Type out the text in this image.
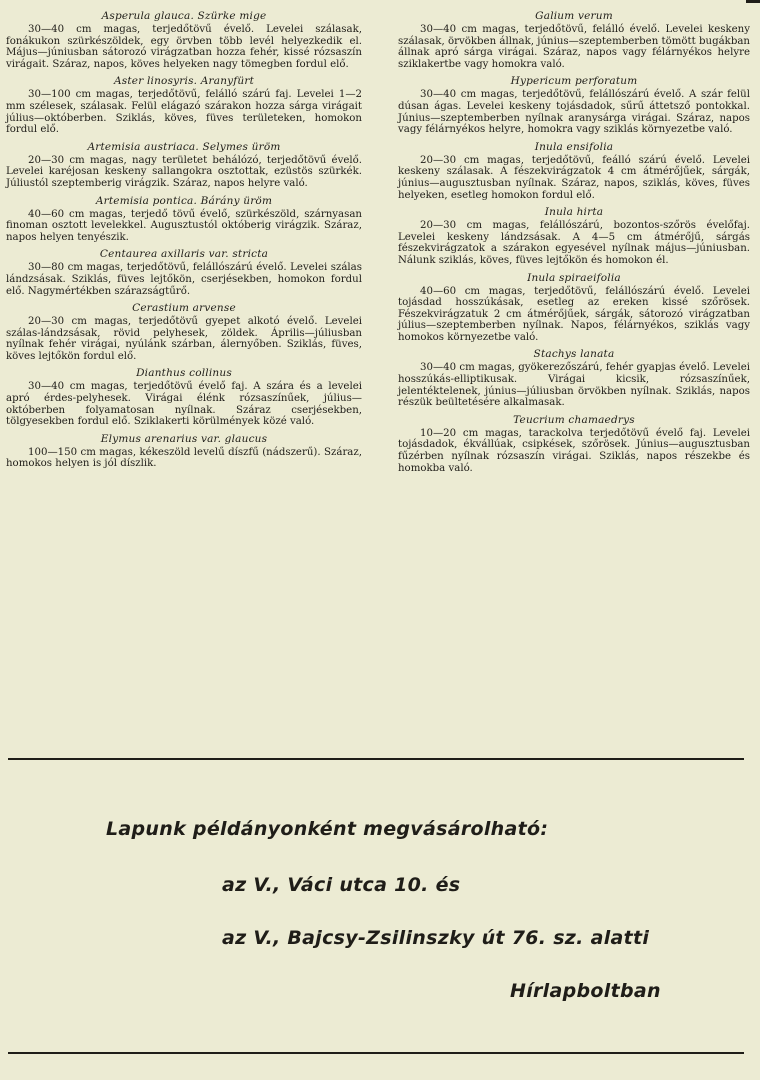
Asperula glauca. Szürke mige

30—40 cm magas, terjedőtövű évelő. Levelei szálasak, fonákukon szürkészöldek, egy örvben több levél helyezkedik el. Május—júniusban sátorozó virágzatban hozza fehér, kissé rózsaszín virágait. Száraz, napos, köves helyeken nagy tömegben fordul elő.

Aster linosyris. Aranyfürt

30—100 cm magas, terjedőtövű, felálló szárú faj. Levelei 1—2 mm szélesek, szálasak. Felül elágazó szárakon hozza sárga virágait július—októberben. Sziklás, köves, füves területeken, homokon fordul elő.

Artemisia austriaca. Selymes üröm

20—30 cm magas, nagy területet behálózó, terjedőtövű évelő. Levelei karéjosan keskeny sallangokra osztottak, ezüstös szürkék. Júliustól szeptemberig virágzik. Száraz, napos helyre való.

Artemisia pontica. Bárány üröm

40—60 cm magas, terjedő tövű évelő, szürkészöld, szárnyasan finoman osztott levelekkel. Augusztustól októberig virágzik. Száraz, napos helyen tenyészik.

Centaurea axillaris var. stricta

30—80 cm magas, terjedőtövű, felállószárú évelő. Levelei szálas lándzsásak. Sziklás, füves lejtőkön, cserjésekben, homokon fordul elő. Nagymértékben szárazságtűrő.

Cerastium arvense

20—30 cm magas, terjedőtövű gyepet alkotó évelő. Levelei szálas-lándzsásak, rövid pelyhesek, zöldek. Április—júliusban nyílnak fehér virágai, nyúlánk szárban, álernyőben. Sziklás, füves, köves lejtőkön fordul elő.

Dianthus collinus

30—40 cm magas, terjedőtövű évelő faj. A szára és a levelei apró érdes-pelyhesek. Virágai élénk rózsaszínűek, július—októberben folyamatosan nyílnak. Száraz cserjésekben, tölgyesekben fordul elő. Sziklakerti körülmények közé való.

Elymus arenarius var. glaucus

100—150 cm magas, kékeszöld levelű díszfű (nádszerű). Száraz, homokos helyen is jól díszlik.

Galium verum

30—40 cm magas, terjedőtövű, felálló évelő. Levelei keskeny szálasak, örvökben állnak, június—szeptemberben tömött bugákban állnak apró sárga virágai. Száraz, napos vagy félárnyékos helyre sziklakertbe vagy homokra való.

Hypericum perforatum

30—40 cm magas, terjedőtövű, felállószárú évelő. A szár felül dúsan ágas. Levelei keskeny tojásdadok, sűrű áttetsző pontokkal. Június—szeptemberben nyílnak aranysárga virágai. Száraz, napos vagy félárnyékos helyre, homokra vagy sziklás környezetbe való.

Inula ensifolia

20—30 cm magas, terjedőtövű, feálló szárú évelő. Levelei keskeny szálasak. A fészekvirágzatok 4 cm átmérőjűek, sárgák, június—augusztusban nyílnak. Száraz, napos, sziklás, köves, füves helyeken, esetleg homokon fordul elő.

Inula hirta

20—30 cm magas, felállószárú, bozontos-szőrös évelőfaj. Levelei keskeny lándzsásak. A 4—5 cm átmérőjű, sárgás fészekvirágzatok a szárakon egyesével nyílnak május—júniusban. Nálunk sziklás, köves, füves lejtőkön és homokon él.

Inula spiraeifolia

40—60 cm magas, terjedőtövű, felállószárú évelő. Levelei tojásdad hosszúkásak, esetleg az ereken kissé szőrösek. Fészekvirágzatuk 2 cm átmérőjűek, sárgák, sátorozó virágzatban július—szeptemberben nyílnak. Napos, félárnyékos, sziklás vagy homokos környezetbe való.

Stachys lanata

30—40 cm magas, gyökerezőszárú, fehér gyapjas évelő. Levelei hosszúkás-elliptikusak. Virágai kicsik, rózsaszínűek, jelentéktelenek, június—júliusban örvökben nyílnak. Sziklás, napos részük beültetésére alkalmasak.

Teucrium chamaedrys

10—20 cm magas, tarackolva terjedőtövű évelő faj. Levelei tojásdadok, ékvállúak, csipkések, szőrösek. Június—augusztusban fűzérben nyílnak rózsaszín virágai. Sziklás, napos részekbe és homokba való.

Lapunk példányonként megvásárolható:
az V., Váci utca 10. és
az V., Bajcsy-Zsilinszky út 76. sz. alatti
Hírlapboltban
